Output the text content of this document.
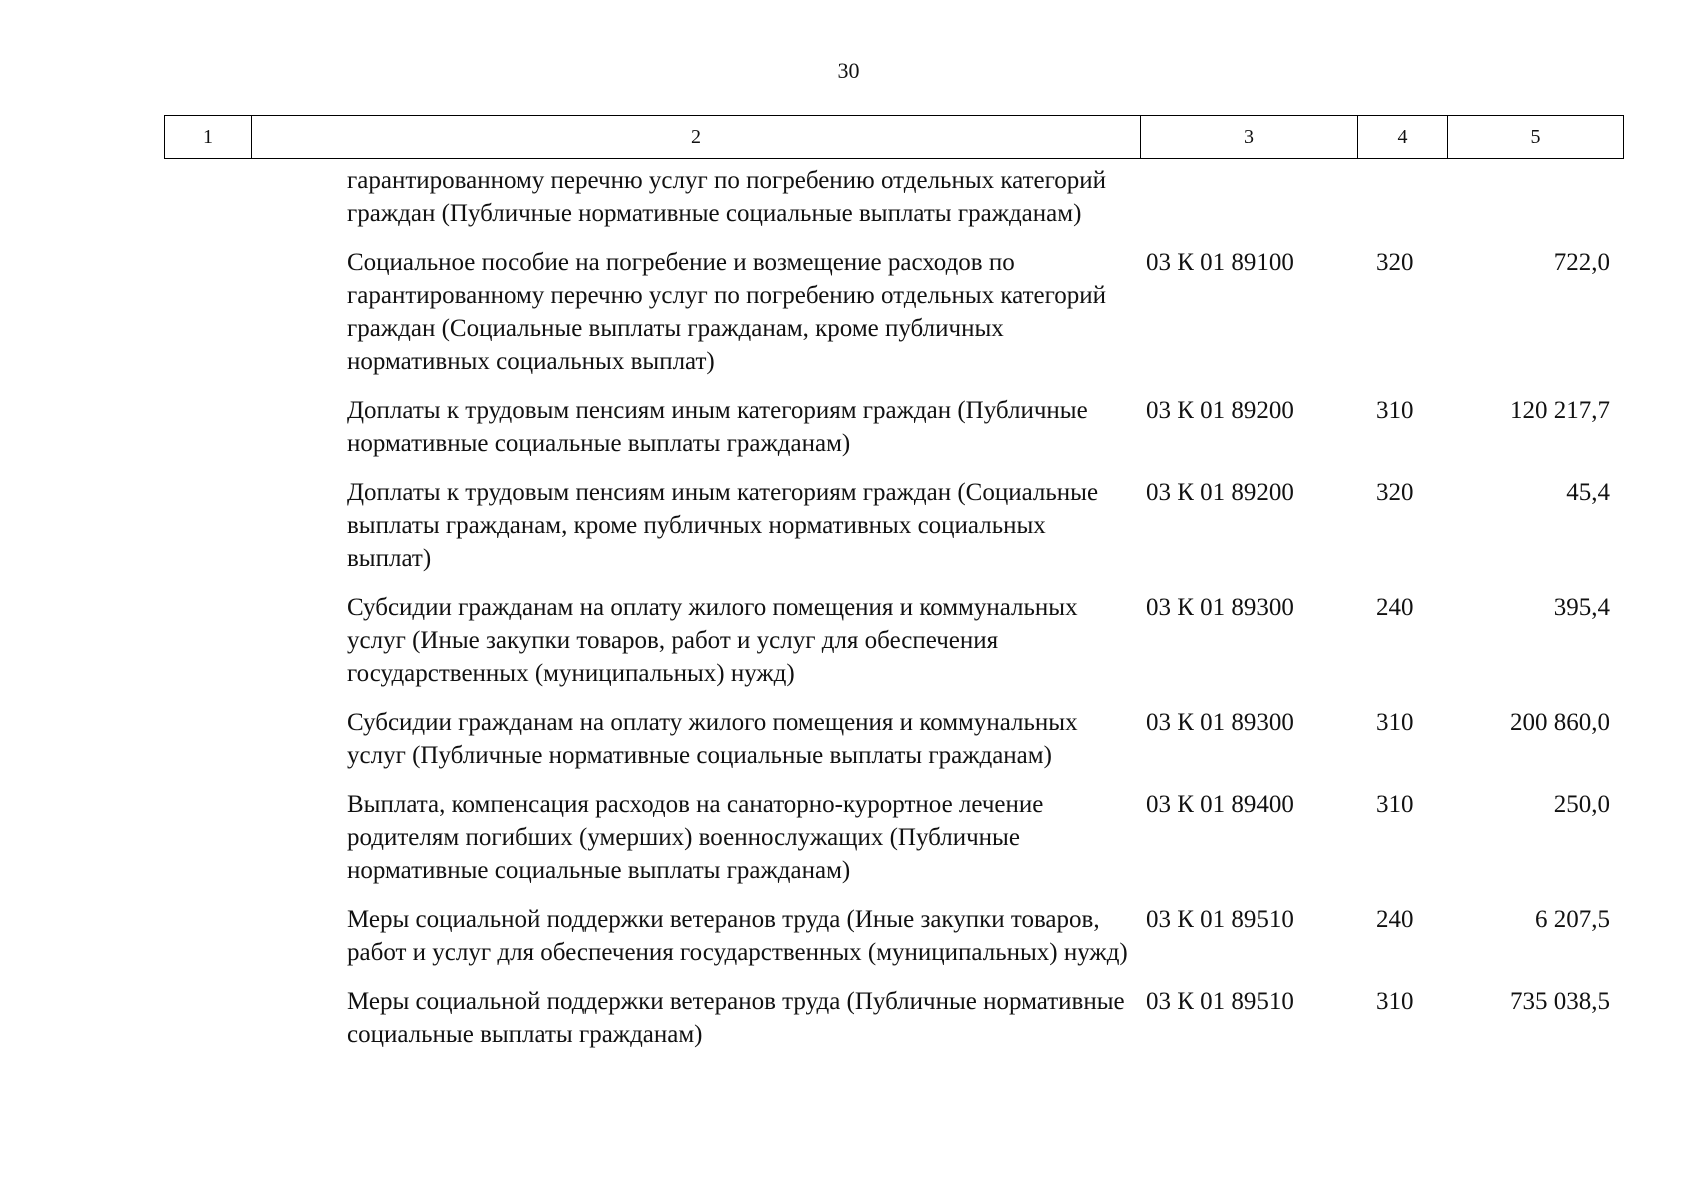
30
1	2	3	4	5
	гарантированному перечню услуг по погребению отдельных категорий граждан (Публичные нормативные социальные выплаты гражданам)			
	Социальное пособие на погребение и возмещение расходов по гарантированному перечню услуг по погребению отдельных категорий граждан (Социальные выплаты гражданам, кроме публичных нормативных социальных выплат)	03 К 01 89100	320	722,0
	Доплаты к трудовым пенсиям иным категориям граждан (Публичные нормативные социальные выплаты гражданам)	03 К 01 89200	310	120 217,7
	Доплаты к трудовым пенсиям иным категориям граждан (Социальные выплаты гражданам, кроме публичных нормативных социальных выплат)	03 К 01 89200	320	45,4
	Субсидии гражданам на оплату жилого помещения и коммунальных услуг (Иные закупки товаров, работ и услуг для обеспечения государственных (муниципальных) нужд)	03 К 01 89300	240	395,4
	Субсидии гражданам на оплату жилого помещения и коммунальных услуг (Публичные нормативные социальные выплаты гражданам)	03 К 01 89300	310	200 860,0
	Выплата, компенсация расходов на санаторно-курортное лечение родителям погибших (умерших) военнослужащих (Публичные нормативные социальные выплаты гражданам)	03 К 01 89400	310	250,0
	Меры социальной поддержки ветеранов труда (Иные закупки товаров, работ и услуг для обеспечения государственных (муниципальных) нужд)	03 К 01 89510	240	6 207,5
	Меры социальной поддержки ветеранов труда (Публичные нормативные социальные выплаты гражданам)	03 К 01 89510	310	735 038,5
